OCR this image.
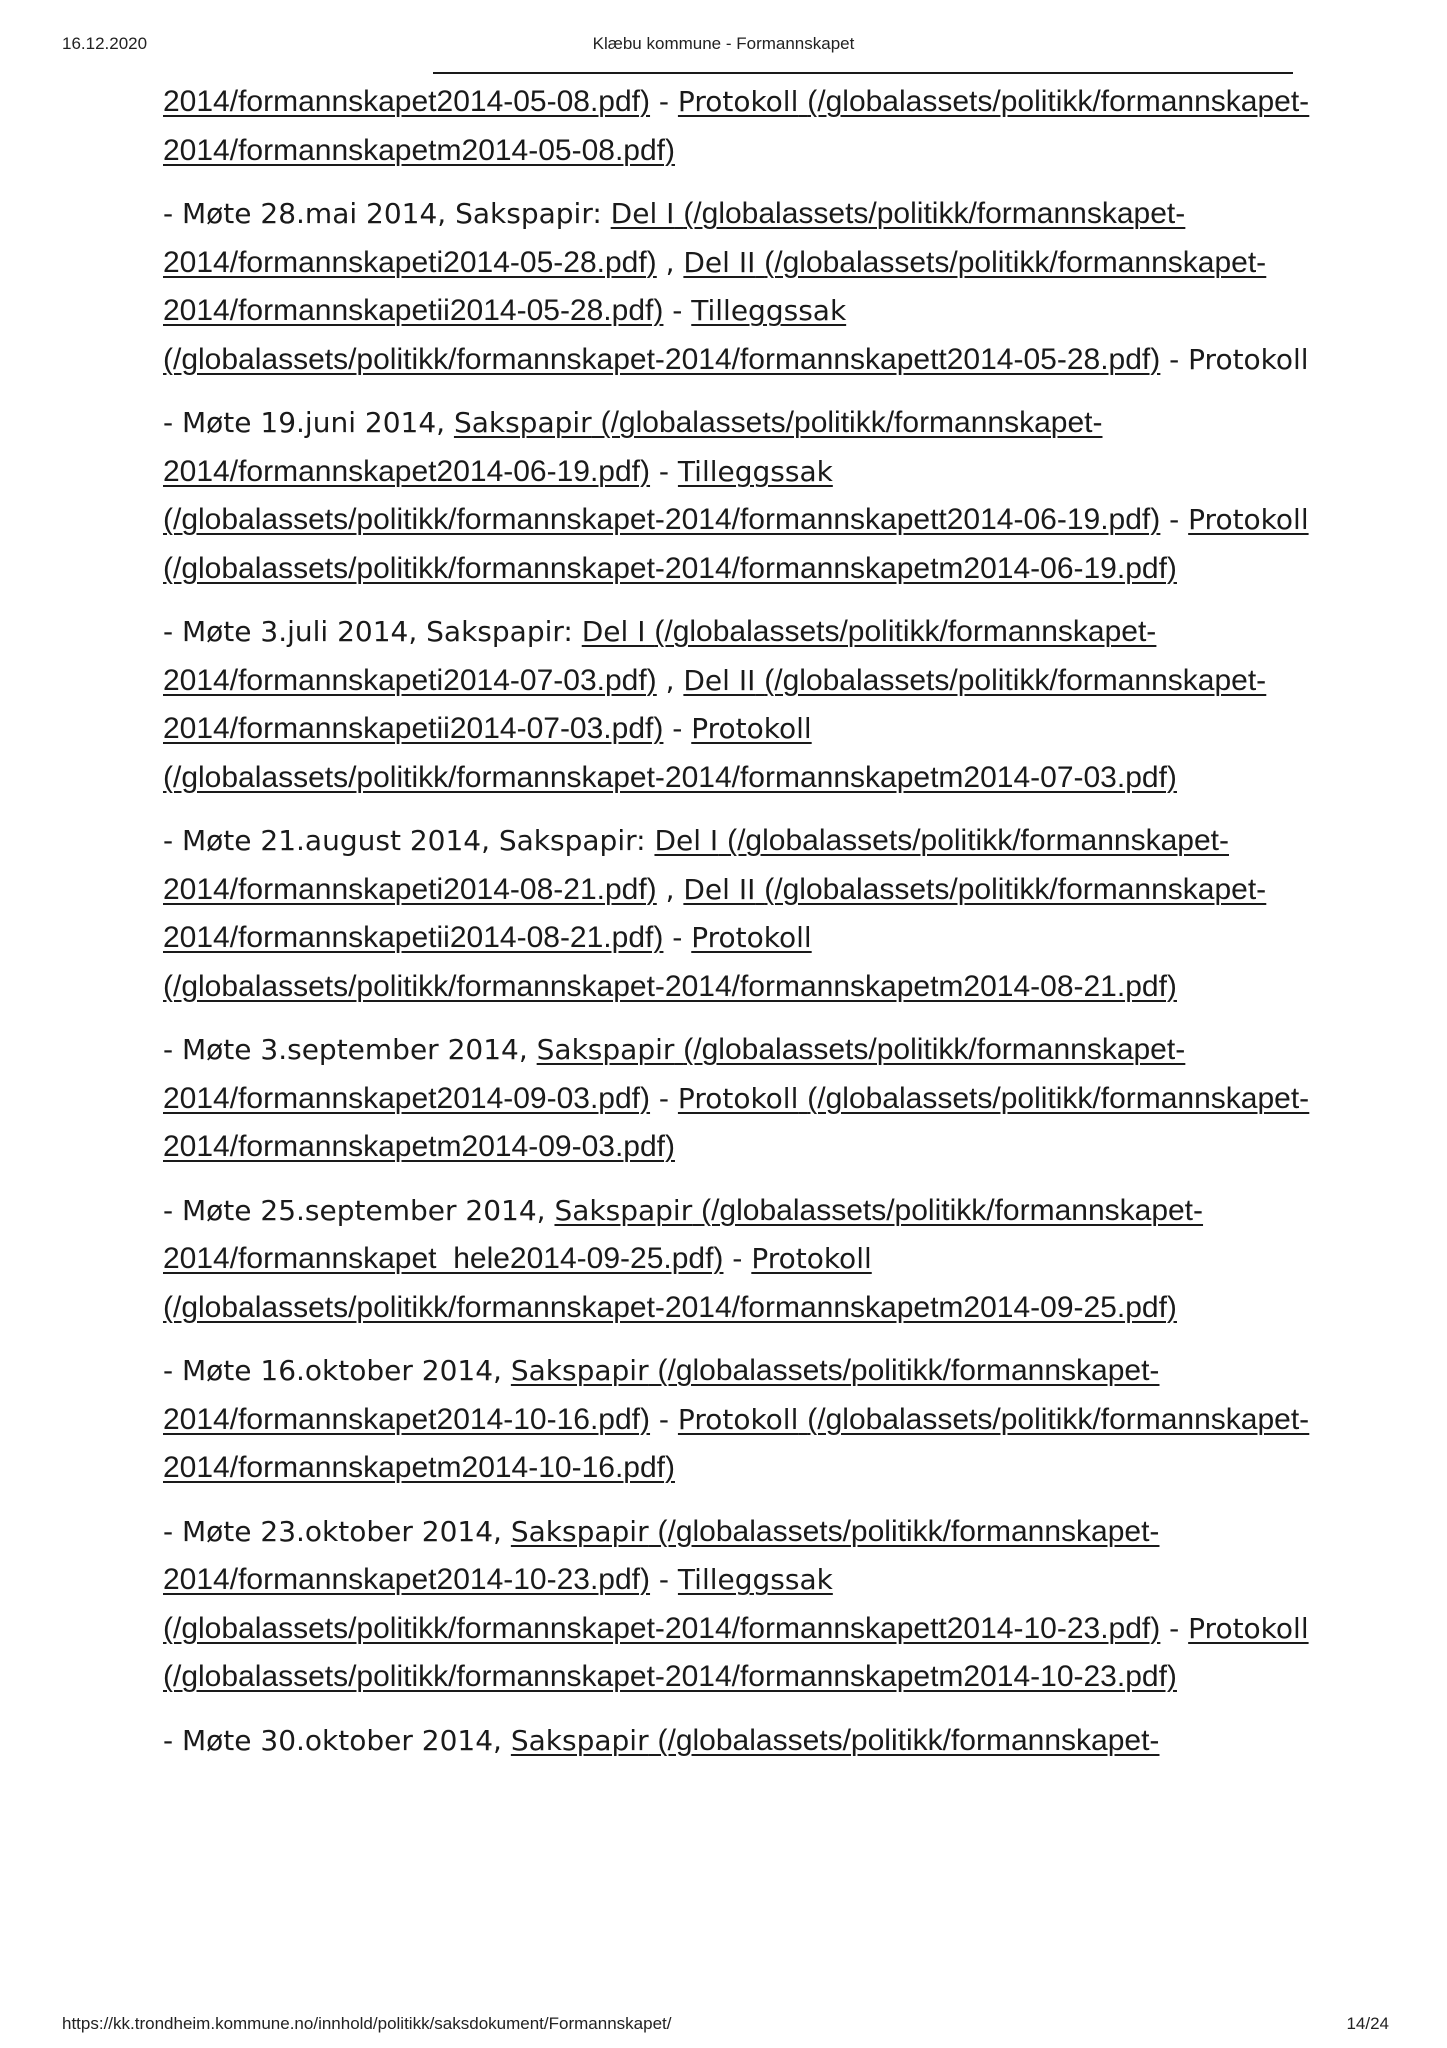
16.12.2020	Klæbu kommune - Formannskapet
2014/formannskapet2014-05-08.pdf) - Protokoll (/globalassets/politikk/formannskapet-2014/formannskapetm2014-05-08.pdf)
- Møte 28.mai 2014, Sakspapir: Del I (/globalassets/politikk/formannskapet-2014/formannskapeti2014-05-28.pdf) , Del II (/globalassets/politikk/formannskapet-2014/formannskapetii2014-05-28.pdf) - Tilleggssak (/globalassets/politikk/formannskapet-2014/formannskapett2014-05-28.pdf) - Protokoll
- Møte 19.juni 2014, Sakspapir (/globalassets/politikk/formannskapet-2014/formannskapet2014-06-19.pdf) - Tilleggssak (/globalassets/politikk/formannskapet-2014/formannskapett2014-06-19.pdf) - Protokoll (/globalassets/politikk/formannskapet-2014/formannskapetm2014-06-19.pdf)
- Møte 3.juli 2014, Sakspapir: Del I (/globalassets/politikk/formannskapet-2014/formannskapeti2014-07-03.pdf) , Del II (/globalassets/politikk/formannskapet-2014/formannskapetii2014-07-03.pdf) - Protokoll (/globalassets/politikk/formannskapet-2014/formannskapetm2014-07-03.pdf)
- Møte 21.august 2014, Sakspapir: Del I (/globalassets/politikk/formannskapet-2014/formannskapeti2014-08-21.pdf) , Del II (/globalassets/politikk/formannskapet-2014/formannskapetii2014-08-21.pdf) - Protokoll (/globalassets/politikk/formannskapet-2014/formannskapetm2014-08-21.pdf)
- Møte 3.september 2014, Sakspapir (/globalassets/politikk/formannskapet-2014/formannskapet2014-09-03.pdf) - Protokoll (/globalassets/politikk/formannskapet-2014/formannskapetm2014-09-03.pdf)
- Møte 25.september 2014, Sakspapir (/globalassets/politikk/formannskapet-2014/formannskapet_hele2014-09-25.pdf) - Protokoll (/globalassets/politikk/formannskapet-2014/formannskapetm2014-09-25.pdf)
- Møte 16.oktober 2014, Sakspapir (/globalassets/politikk/formannskapet-2014/formannskapet2014-10-16.pdf) - Protokoll (/globalassets/politikk/formannskapet-2014/formannskapetm2014-10-16.pdf)
- Møte 23.oktober 2014, Sakspapir (/globalassets/politikk/formannskapet-2014/formannskapet2014-10-23.pdf) - Tilleggssak (/globalassets/politikk/formannskapet-2014/formannskapett2014-10-23.pdf) - Protokoll (/globalassets/politikk/formannskapet-2014/formannskapetm2014-10-23.pdf)
- Møte 30.oktober 2014, Sakspapir (/globalassets/politikk/formannskapet-
https://kk.trondheim.kommune.no/innhold/politikk/saksdokument/Formannskapet/	14/24
